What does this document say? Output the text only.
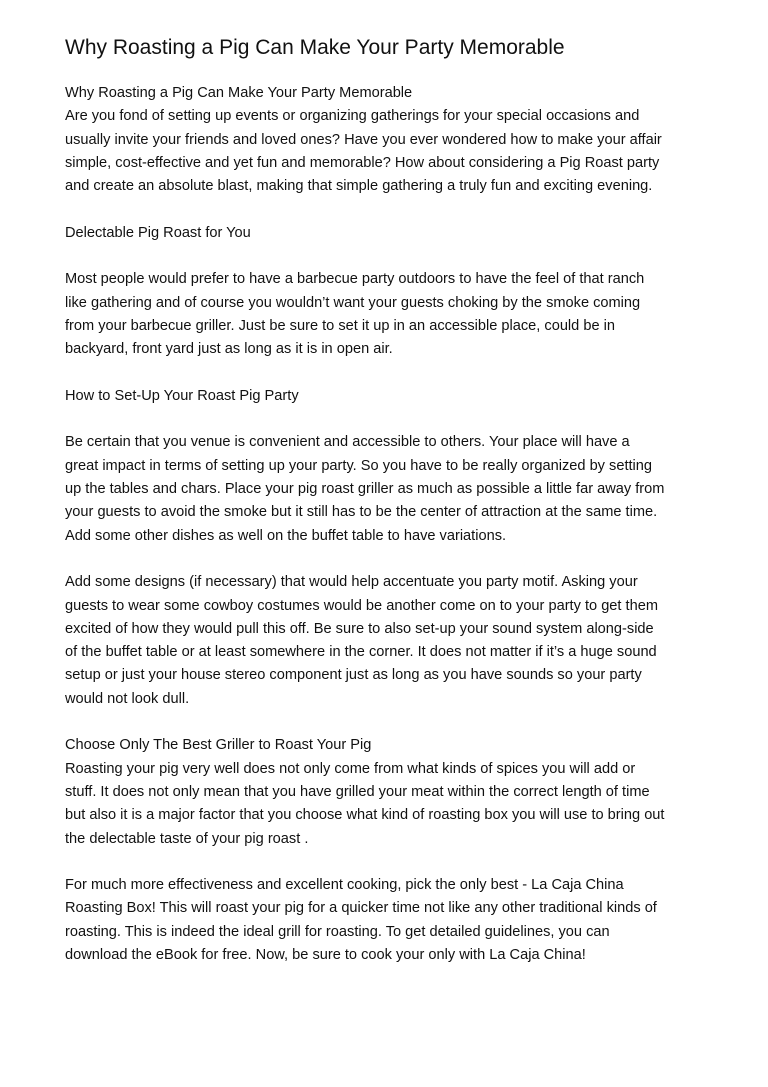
Why Roasting a Pig Can Make Your Party Memorable

Why Roasting a Pig Can Make Your Party Memorable
Are you fond of setting up events or organizing gatherings for your special occasions and
usually invite your friends and loved ones? Have you ever wondered how to make your affair
simple, cost-effective and yet fun and memorable? How about considering a Pig Roast party
and create an absolute blast, making that simple gathering a truly fun and exciting evening.

Delectable Pig Roast for You

Most people would prefer to have a barbecue party outdoors to have the feel of that ranch
like gathering and of course you wouldn’t want your guests choking by the smoke coming
from your barbecue griller. Just be sure to set it up in an accessible place, could be in
backyard, front yard just as long as it is in open air.

How to Set-Up Your Roast Pig Party

Be certain that you venue is convenient and accessible to others. Your place will have a
great impact in terms of setting up your party. So you have to be really organized by setting
up the tables and chars. Place your pig roast griller as much as possible a little far away from
your guests to avoid the smoke but it still has to be the center of attraction at the same time.
Add some other dishes as well on the buffet table to have variations.

Add some designs (if necessary) that would help accentuate you party motif. Asking your
guests to wear some cowboy costumes would be another come on to your party to get them
excited of how they would pull this off. Be sure to also set-up your sound system along-side
of the buffet table or at least somewhere in the corner. It does not matter if it’s a huge sound
setup or just your house stereo component just as long as you have sounds so your party
would not look dull.

Choose Only The Best Griller to Roast Your Pig
Roasting your pig very well does not only come from what kinds of spices you will add or
stuff. It does not only mean that you have grilled your meat within the correct length of time
but also it is a major factor that you choose what kind of roasting box you will use to bring out
the delectable taste of your pig roast .

For much more effectiveness and excellent cooking, pick the only best - La Caja China
Roasting Box! This will roast your pig for a quicker time not like any other traditional kinds of
roasting. This is indeed the ideal grill for roasting. To get detailed guidelines, you can
download the eBook for free. Now, be sure to cook your only with La Caja China!
